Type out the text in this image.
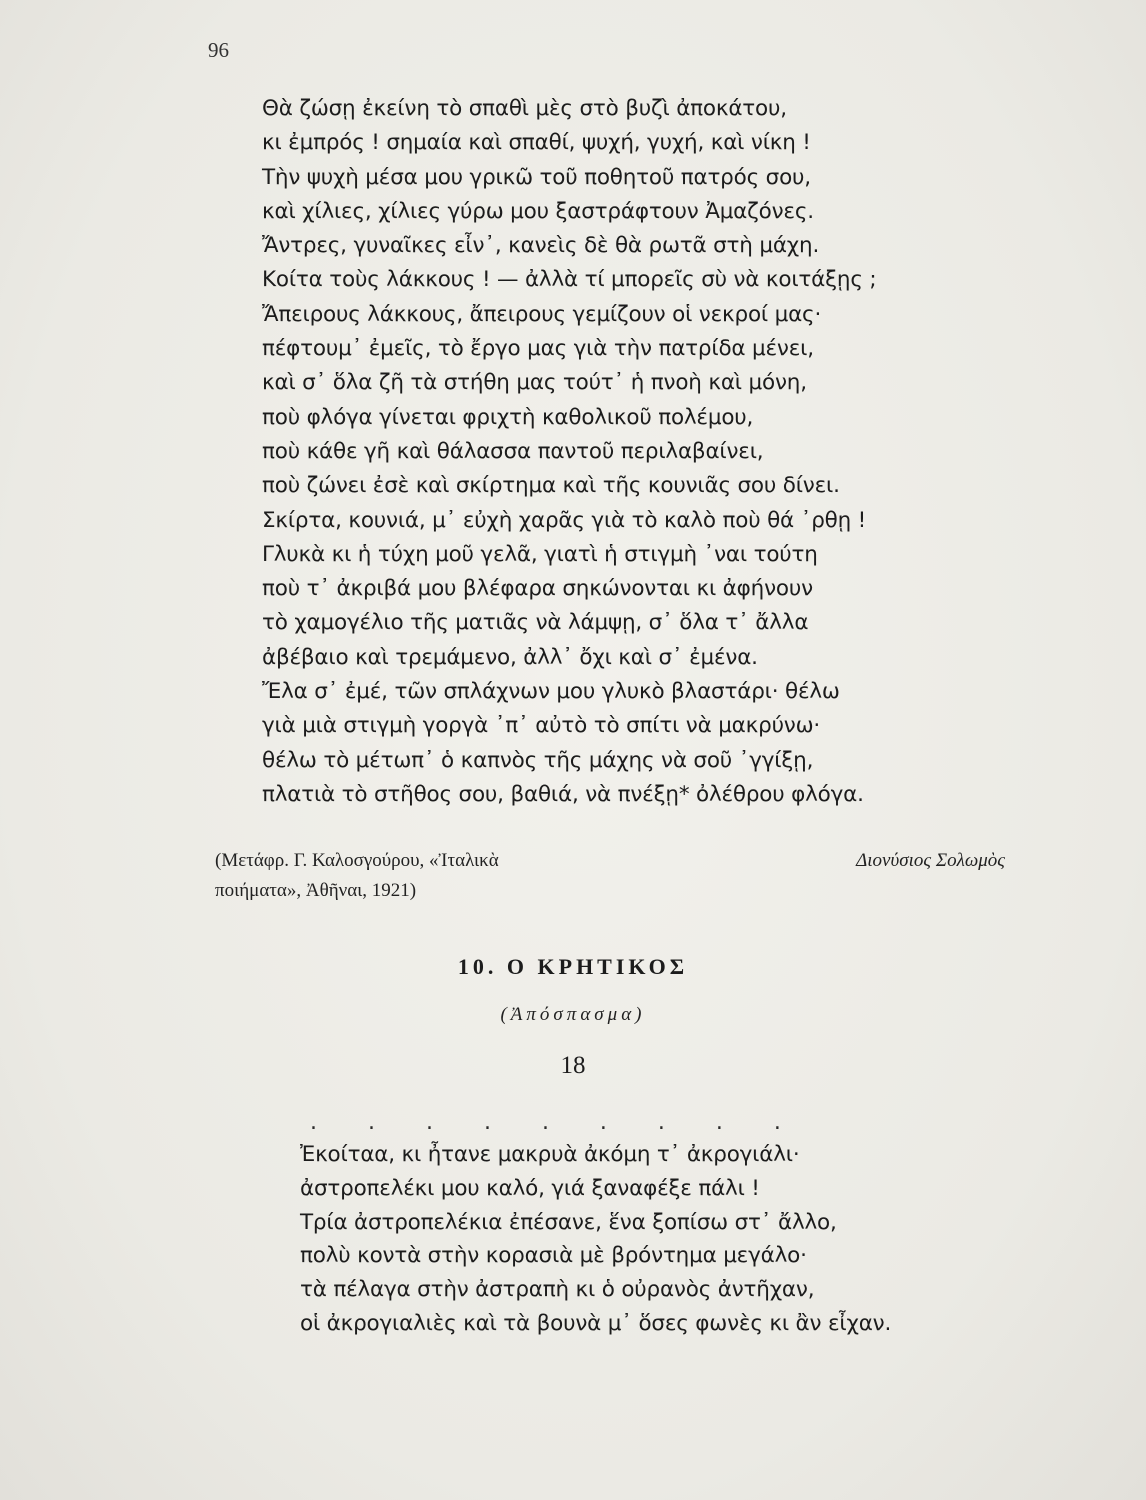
96
Θὰ ζώσῃ ἐκείνη τὸ σπαθὶ μὲς στὸ βυζὶ ἀποκάτου,
κι ἐμπρός ! σημαία καὶ σπαθί, ψυχή, γυχή, καὶ νίκη !
Τὴν ψυχὴ μέσα μου γρικῶ τοῦ ποθητοῦ πατρός σου,
καὶ χίλιες, χίλιες γύρω μου ξαστράφτουν Ἀμαζόνες.
Ἄντρες, γυναῖκες εἶν᾿, κανεὶς δὲ θὰ ρωτᾶ στὴ μάχη.
Κοίτα τοὺς λάκκους ! — ἀλλὰ τί μπορεῖς σὺ νὰ κοιτάξῃς ;
Ἄπειρους λάκκους, ἄπειρους γεμίζουν οἱ νεκροί μας·
πέφτουμ᾿ ἐμεῖς, τὸ ἔργο μας γιὰ τὴν πατρίδα μένει,
καὶ σ᾿ ὅλα ζῆ τὰ στήθη μας τούτ᾿ ἡ πνοὴ καὶ μόνη,
ποὺ φλόγα γίνεται φριχτὴ καθολικοῦ πολέμου,
ποὺ κάθε γῆ καὶ θάλασσα παντοῦ περιλαβαίνει,
ποὺ ζώνει ἐσὲ καὶ σκίρτημα καὶ τῆς κουνιᾶς σου δίνει.
Σκίρτα, κουνιά, μ᾿ εὐχὴ χαρᾶς γιὰ τὸ καλὸ ποὺ θά ᾿ρθῃ !
Γλυκὰ κι ἡ τύχη μοῦ γελᾶ, γιατὶ ἡ στιγμὴ ᾿ναι τούτη
ποὺ τ᾿ ἀκριβά μου βλέφαρα σηκώνονται κι ἀφήνουν
τὸ χαμογέλιο τῆς ματιᾶς νὰ λάμψῃ, σ᾿ ὅλα τ᾿ ἄλλα
ἀβέβαιο καὶ τρεμάμενο, ἀλλ᾿ ὄχι καὶ σ᾿ ἐμένα.
Ἔλα σ᾿ ἐμέ, τῶν σπλάχνων μου γλυκὸ βλαστάρι· θέλω
γιὰ μιὰ στιγμὴ γοργὰ ᾿π᾿ αὐτὸ τὸ σπίτι νὰ μακρύνω·
θέλω τὸ μέτωπ᾿ ὁ καπνὸς τῆς μάχης νὰ σοῦ ᾿γγίξῃ,
πλατιὰ τὸ στῆθος σου, βαθιά, νὰ πνέξῃ* ὀλέθρου φλόγα.
(Μετάφρ. Γ. Καλοσγούρου, «Ἰταλικὰ
ποιήματα», Ἀθῆναι, 1921)
Διονύσιος Σολωμὸς
10. Ο ΚΡΗΤΙΚΟΣ
(Ἀπόσπασμα)
18
. . . . . . . . .
Ἐκοίταα, κι ἦτανε μακρυὰ ἀκόμη τ᾿ ἀκρογιάλι·
ἀστροπελέκι μου καλό, γιά ξαναφέξε πάλι !
Τρία ἀστροπελέκια ἐπέσανε, ἕνα ξοπίσω στ᾿ ἄλλο,
πολὺ κοντὰ στὴν κορασιὰ μὲ βρόντημα μεγάλο·
τὰ πέλαγα στὴν ἀστραπὴ κι ὁ οὐρανὸς ἀντῆχαν,
οἱ ἀκρογιαλιὲς καὶ τὰ βουνὰ μ᾿ ὅσες φωνὲς κι ἂν εἶχαν.
